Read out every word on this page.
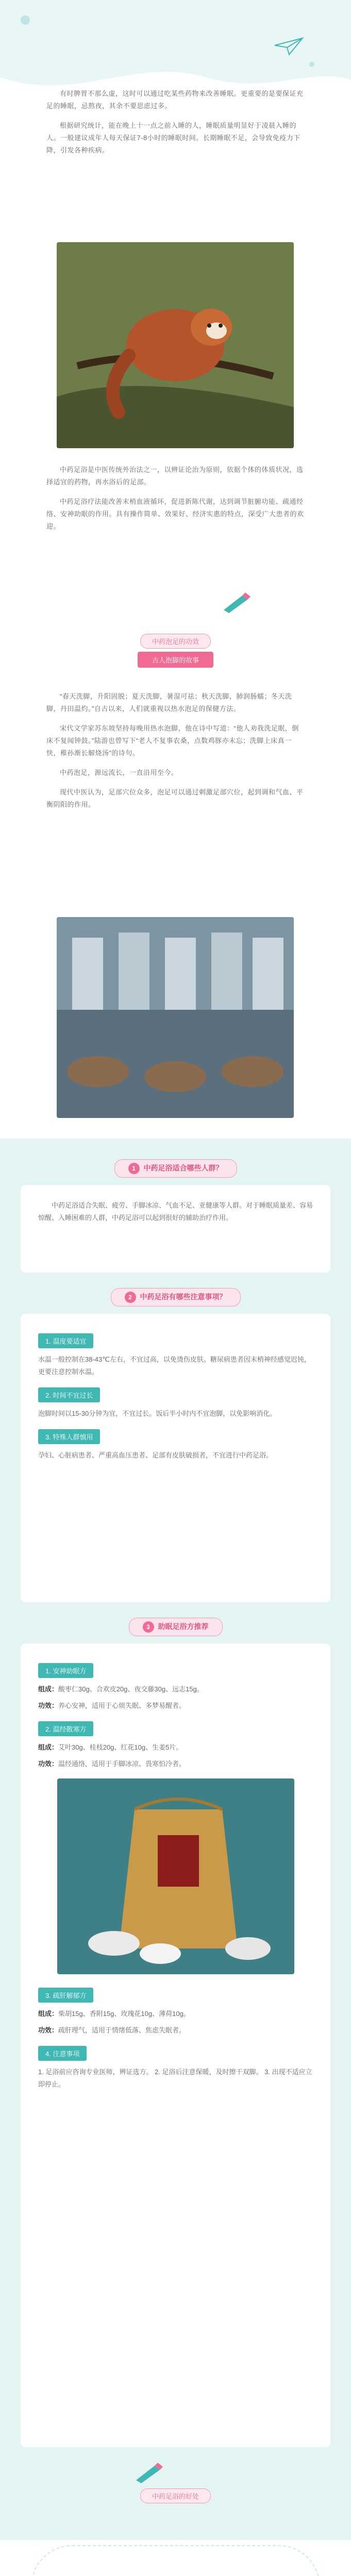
有时脾胃不那么虚，这时可以通过吃某些药物来改善睡眠。更重要的是要保证充足的睡眠，忌熬夜，其余不要思虑过多。

根据研究统计，能在晚上十一点之前入睡的人，睡眠质量明显好于凌晨入睡的人。一般建议成年人每天保证7-8小时的睡眠时间。长期睡眠不足，会导致免疫力下降，引发各种疾病。

中药足浴是中医传统外治法之一，以辨证论治为原则，依据个体的体质状况，选择适宜的药物，再水浴后的足部。

中药足浴疗法能改善末梢血液循环，促进新陈代谢，达到调节脏腑功能、疏通经络、安神助眠的作用。具有操作简单、效果好、经济实惠的特点，深受广大患者的欢迎。

中药泡足的功效
古人泡脚的故事

“春天洗脚，升阳固脱；夏天洗脚，暑湿可祛；秋天洗脚，肺润肠蠕；冬天洗脚，丹田温灼。”自古以来，人们就重视以热水泡足的保健方法。

宋代文学家苏东坡坚持每晚用热水泡脚，他在诗中写道：“他人劝我洗足眠，倒床不复闻钟鼓。”陆游也曾写下“老人不复事农桑，点数鸡豚亦未忘；洗脚上床真一快，稚孙渐长解烧汤”的诗句。

中药泡足，源远流长，一直沿用至今。

现代中医认为，足部穴位众多，泡足可以通过刺激足部穴位，起到调和气血、平衡阴阳的作用。

1 中药足浴适合哪些人群？

中药足浴适合失眠、疲劳、手脚冰凉、气血不足、亚健康等人群。对于睡眠质量差、容易惊醒、入睡困难的人群，中药足浴可以起到很好的辅助治疗作用。

2 中药足浴有哪些注意事项？
1. 温度要适宜

水温一般控制在38-43℃左右，不宜过高，以免烫伤皮肤。糖尿病患者因末梢神经感觉迟钝，更要注意控制水温。

2. 时间不宜过长

泡脚时间以15-30分钟为宜，不宜过长。饭后半小时内不宜泡脚，以免影响消化。

3. 特殊人群慎用

孕妇、心脏病患者、严重高血压患者、足部有皮肤破损者，不宜进行中药足浴。

3 助眠足浴方推荐
1. 安神助眠方

组成：酸枣仁30g、合欢皮20g、夜交藤30g、远志15g。

功效：养心安神，适用于心烦失眠、多梦易醒者。

2. 温经散寒方

组成：艾叶30g、桂枝20g、红花10g、生姜5片。

功效：温经通络，适用于手脚冰凉、畏寒怕冷者。

3. 疏肝解郁方

组成：柴胡15g、香附15g、玫瑰花10g、薄荷10g。

功效：疏肝理气，适用于情绪低落、焦虑失眠者。

4. 注意事项

1. 足浴前应咨询专业医师，辨证选方。 2. 足浴后注意保暖，及时擦干双脚。 3. 出现不适应立即停止。

中药足浴的好处
